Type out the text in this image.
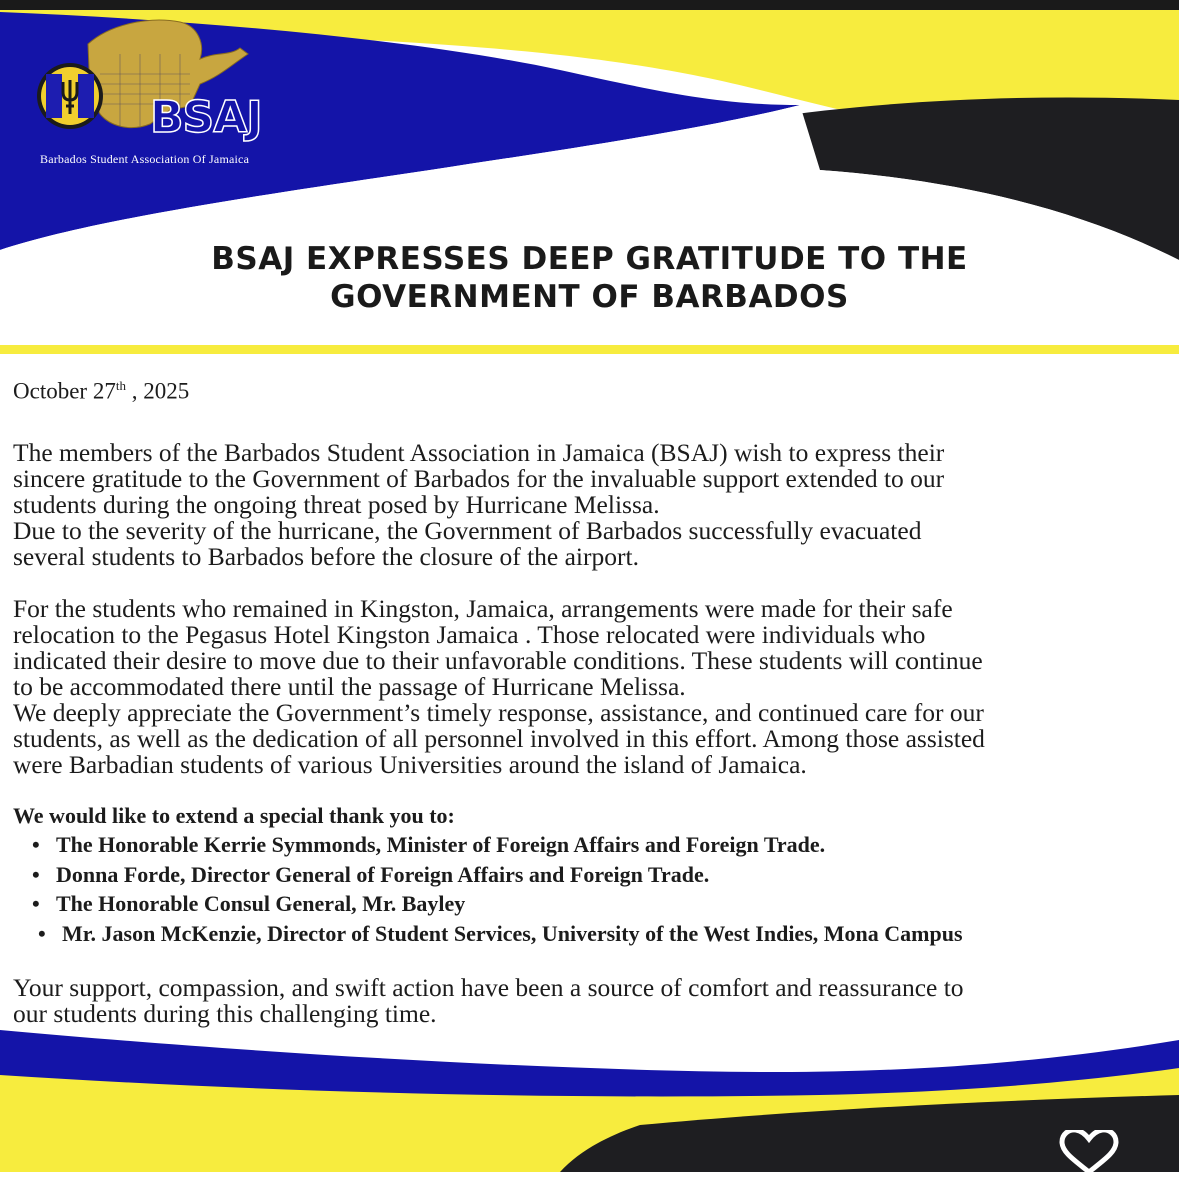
BSAJ
Barbados Student Association Of Jamaica
BSAJ EXPRESSES DEEP GRATITUDE TO THE
GOVERNMENT OF BARBADOS
October 27th , 2025
The members of the Barbados Student Association in Jamaica (BSAJ) wish to express their
sincere gratitude to the Government of Barbados for the invaluable support extended to our
students during the ongoing threat posed by Hurricane Melissa.
Due to the severity of the hurricane, the Government of Barbados successfully evacuated
several students to Barbados before the closure of the airport.
For the students who remained in Kingston, Jamaica, arrangements were made for their safe
relocation to the Pegasus Hotel Kingston Jamaica . Those relocated were individuals who
indicated their desire to move due to their unfavorable conditions. These students will continue
to be accommodated there until the passage of Hurricane Melissa.
We deeply appreciate the Government’s timely response, assistance, and continued care for our
students, as well as the dedication of all personnel involved in this effort. Among those assisted
were Barbadian students of various Universities around the island of Jamaica.
We would like to extend a special thank you to:
• The Honorable Kerrie Symmonds, Minister of Foreign Affairs and Foreign Trade.
• Donna Forde, Director General of Foreign Affairs and Foreign Trade.
• The Honorable Consul General, Mr. Bayley
• Mr. Jason McKenzie, Director of Student Services, University of the West Indies, Mona Campus
Your support, compassion, and swift action have been a source of comfort and reassurance to
our students during this challenging time.
